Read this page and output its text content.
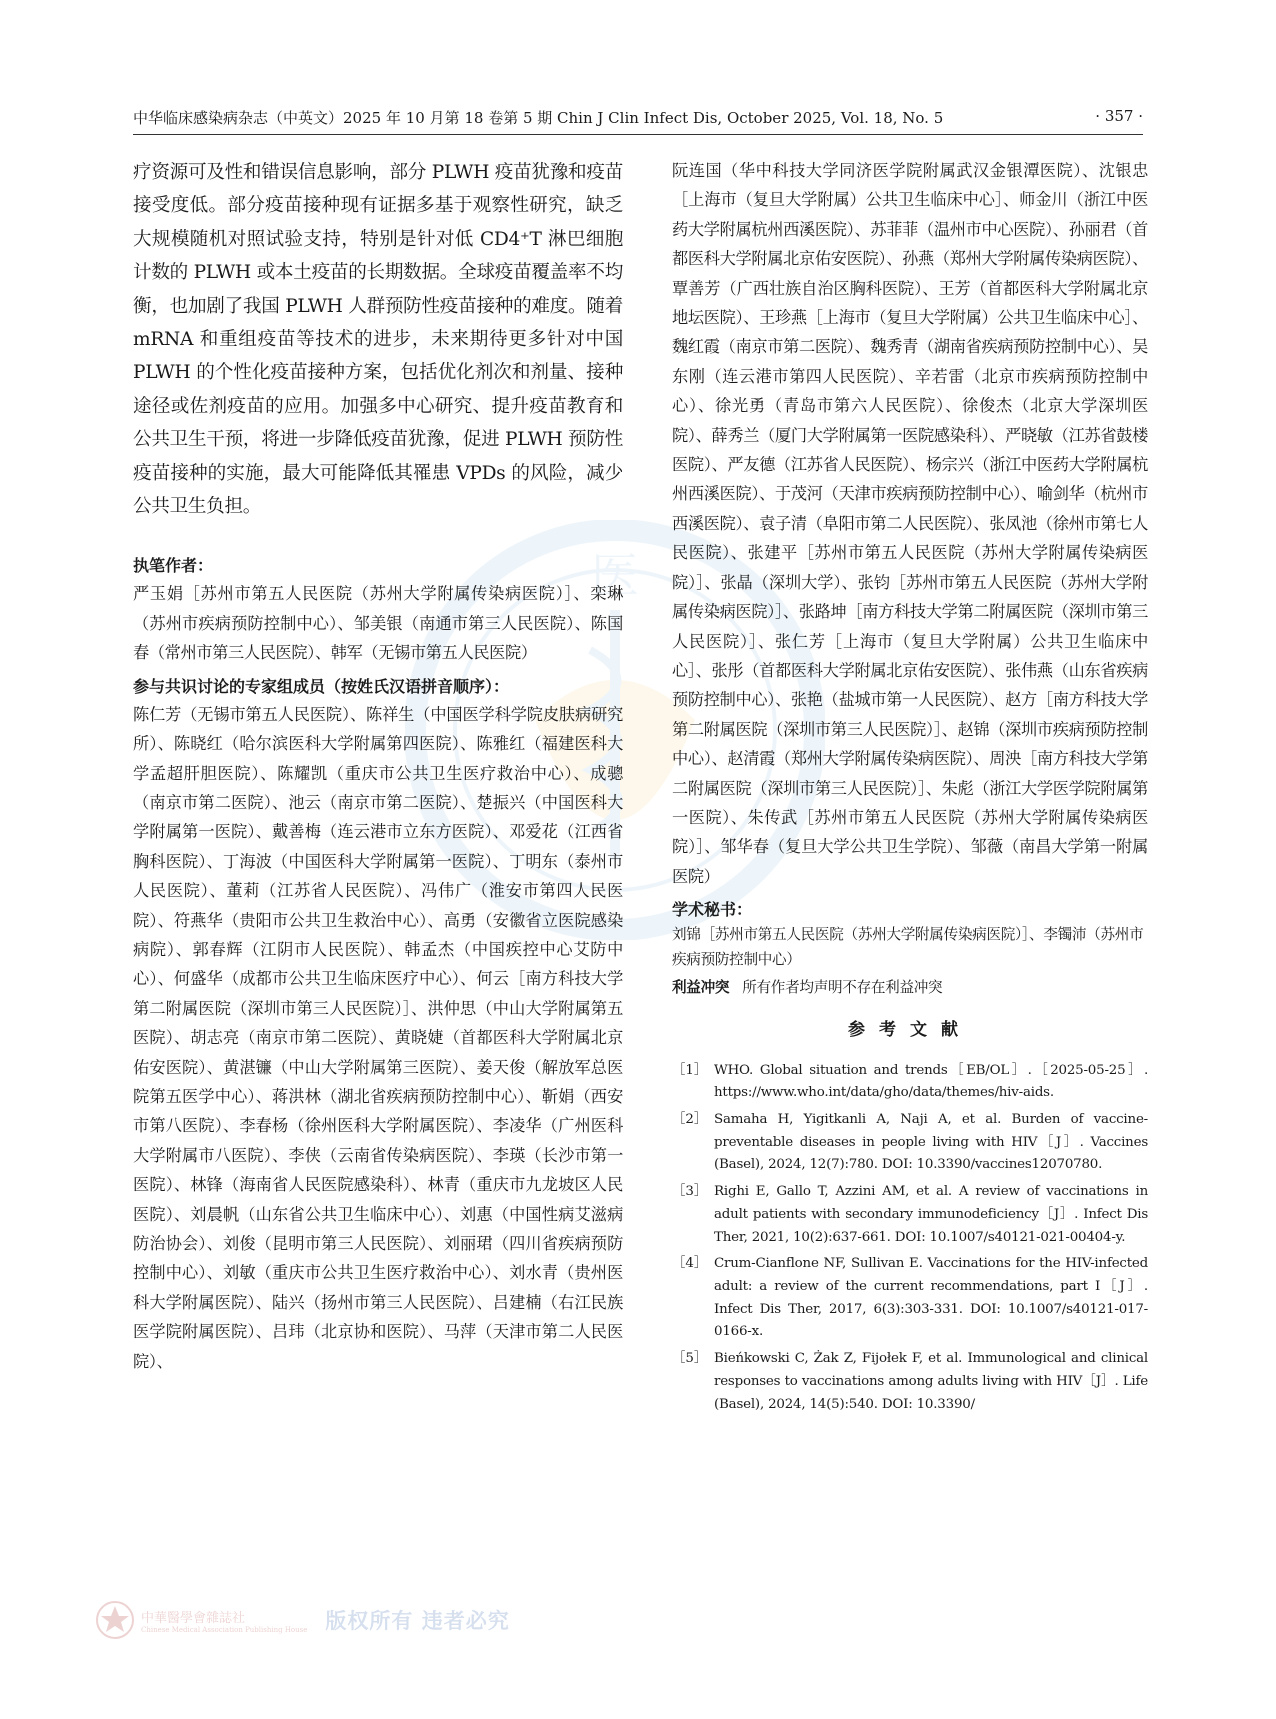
中华临床感染病杂志（中英文）2025 年 10 月第 18 卷第 5 期 Chin J Clin Infect Dis, October 2025, Vol. 18, No. 5	· 357 ·
医

疗资源可及性和错误信息影响，部分 PLWH 疫苗犹豫和疫苗接受度低。部分疫苗接种现有证据多基于观察性研究，缺乏大规模随机对照试验支持，特别是针对低 CD4⁺T 淋巴细胞计数的 PLWH 或本土疫苗的长期数据。全球疫苗覆盖率不均衡，也加剧了我国 PLWH 人群预防性疫苗接种的难度。随着 mRNA 和重组疫苗等技术的进步，未来期待更多针对中国 PLWH 的个性化疫苗接种方案，包括优化剂次和剂量、接种途径或佐剂疫苗的应用。加强多中心研究、提升疫苗教育和公共卫生干预，将进一步降低疫苗犹豫，促进 PLWH 预防性疫苗接种的实施，最大可能降低其罹患 VPDs 的风险，减少公共卫生负担。

执笔作者：

严玉娟［苏州市第五人民医院（苏州大学附属传染病医院）］、栾琳（苏州市疾病预防控制中心）、邹美银（南通市第三人民医院）、陈国春（常州市第三人民医院）、韩军（无锡市第五人民医院）

参与共识讨论的专家组成员（按姓氏汉语拼音顺序）：

陈仁芳（无锡市第五人民医院）、陈祥生（中国医学科学院皮肤病研究所）、陈晓红（哈尔滨医科大学附属第四医院）、陈雅红（福建医科大学孟超肝胆医院）、陈耀凯（重庆市公共卫生医疗救治中心）、成骢（南京市第二医院）、池云（南京市第二医院）、楚振兴（中国医科大学附属第一医院）、戴善梅（连云港市立东方医院）、邓爱花（江西省胸科医院）、丁海波（中国医科大学附属第一医院）、丁明东（泰州市人民医院）、董莉（江苏省人民医院）、冯伟广（淮安市第四人民医院）、符燕华（贵阳市公共卫生救治中心）、高勇（安徽省立医院感染病院）、郭春辉（江阴市人民医院）、韩孟杰（中国疾控中心艾防中心）、何盛华（成都市公共卫生临床医疗中心）、何云［南方科技大学第二附属医院（深圳市第三人民医院）］、洪仲思（中山大学附属第五医院）、胡志亮（南京市第二医院）、黄晓婕（首都医科大学附属北京佑安医院）、黄湛镰（中山大学附属第三医院）、姜天俊（解放军总医院第五医学中心）、蒋洪林（湖北省疾病预防控制中心）、靳娟（西安市第八医院）、李春杨（徐州医科大学附属医院）、李凌华（广州医科大学附属市八医院）、李侠（云南省传染病医院）、李瑛（长沙市第一医院）、林锋（海南省人民医院感染科）、林青（重庆市九龙坡区人民医院）、刘晨帆（山东省公共卫生临床中心）、刘惠（中国性病艾滋病防治协会）、刘俊（昆明市第三人民医院）、刘丽珺（四川省疾病预防控制中心）、刘敏（重庆市公共卫生医疗救治中心）、刘水青（贵州医科大学附属医院）、陆兴（扬州市第三人民医院）、吕建楠（右江民族医学院附属医院）、吕玮（北京协和医院）、马萍（天津市第二人民医院）、

阮连国（华中科技大学同济医学院附属武汉金银潭医院）、沈银忠［上海市（复旦大学附属）公共卫生临床中心］、师金川（浙江中医药大学附属杭州西溪医院）、苏菲菲（温州市中心医院）、孙丽君（首都医科大学附属北京佑安医院）、孙燕（郑州大学附属传染病医院）、覃善芳（广西壮族自治区胸科医院）、王芳（首都医科大学附属北京地坛医院）、王珍燕［上海市（复旦大学附属）公共卫生临床中心］、魏红霞（南京市第二医院）、魏秀青（湖南省疾病预防控制中心）、吴东刚（连云港市第四人民医院）、辛若雷（北京市疾病预防控制中心）、徐光勇（青岛市第六人民医院）、徐俊杰（北京大学深圳医院）、薛秀兰（厦门大学附属第一医院感染科）、严晓敏（江苏省鼓楼医院）、严友德（江苏省人民医院）、杨宗兴（浙江中医药大学附属杭州西溪医院）、于茂河（天津市疾病预防控制中心）、喻剑华（杭州市西溪医院）、袁子清（阜阳市第二人民医院）、张凤池（徐州市第七人民医院）、张建平［苏州市第五人民医院（苏州大学附属传染病医院）］、张晶（深圳大学）、张钧［苏州市第五人民医院（苏州大学附属传染病医院）］、张路坤［南方科技大学第二附属医院（深圳市第三人民医院）］、张仁芳［上海市（复旦大学附属）公共卫生临床中心］、张彤（首都医科大学附属北京佑安医院）、张伟燕（山东省疾病预防控制中心）、张艳（盐城市第一人民医院）、赵方［南方科技大学第二附属医院（深圳市第三人民医院）］、赵锦（深圳市疾病预防控制中心）、赵清霞（郑州大学附属传染病医院）、周泱［南方科技大学第二附属医院（深圳市第三人民医院）］、朱彪（浙江大学医学院附属第一医院）、朱传武［苏州市第五人民医院（苏州大学附属传染病医院）］、邹华春（复旦大学公共卫生学院）、邹薇（南昌大学第一附属医院）

学术秘书：

刘锦［苏州市第五人民医院（苏州大学附属传染病医院）］、李镯沛（苏州市疾病预防控制中心）

利益冲突 所有作者均声明不存在利益冲突

参考文献
［1］ WHO. Global situation and trends［EB/OL］.［2025-05-25］. https://www.who.int/data/gho/data/themes/hiv-aids.
［2］ Samaha H, Yigitkanli A, Naji A, et al. Burden of vaccine-preventable diseases in people living with HIV［J］. Vaccines (Basel), 2024, 12(7):780. DOI: 10.3390/vaccines12070780.
［3］ Righi E, Gallo T, Azzini AM, et al. A review of vaccinations in adult patients with secondary immunodeficiency［J］. Infect Dis Ther, 2021, 10(2):637-661. DOI: 10.1007/s40121-021-00404-y.
［4］ Crum-Cianflone NF, Sullivan E. Vaccinations for the HIV-infected adult: a review of the current recommendations, part I［J］. Infect Dis Ther, 2017, 6(3):303-331. DOI: 10.1007/s40121-017-0166-x.
［5］ Bieńkowski C, Żak Z, Fijołek F, et al. Immunological and clinical responses to vaccinations among adults living with HIV［J］. Life (Basel), 2024, 14(5):540. DOI: 10.3390/
中華醫學會雜誌社
Chinese Medical Association Publishing House 版权所有 违者必究
